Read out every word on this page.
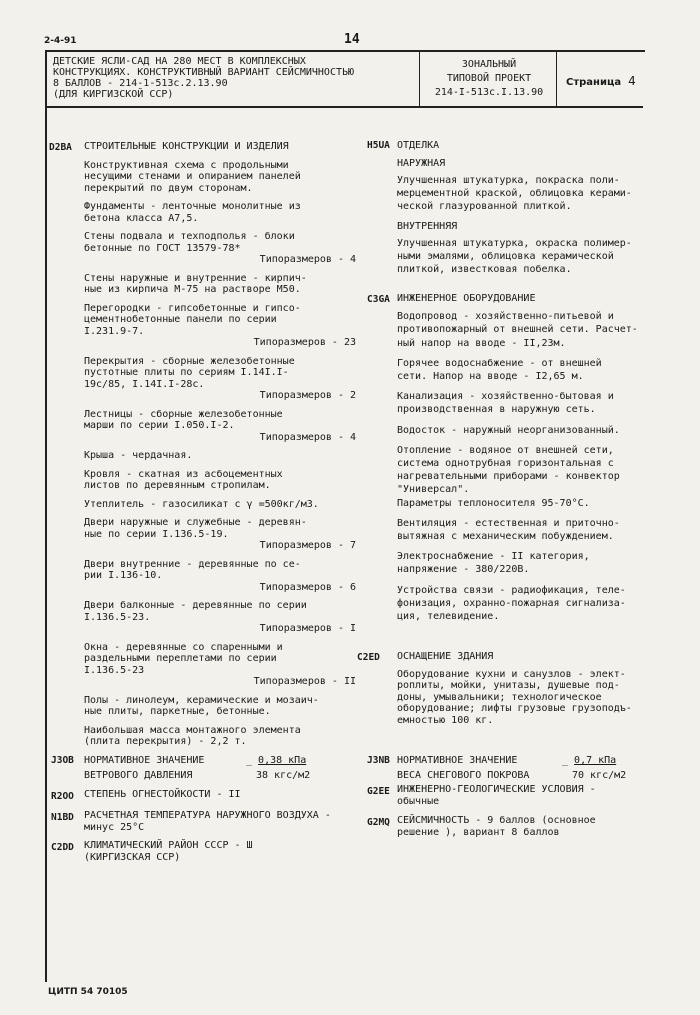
2-4-91	14
ДЕТСКИЕ ЯСЛИ-САД НА 280 МЕСТ В КОМПЛЕКСНЫХ
КОНСТРУКЦИЯХ. КОНСТРУКТИВНЫЙ ВАРИАНТ СЕЙСМИЧНОСТЬЮ
8 БАЛЛОВ - 214-1-513с.2.13.90
(ДЛЯ КИРГИЗСКОЙ ССР)
ЗОНАЛЬНЫЙ
ТИПОВОЙ ПРОЕКТ
214-I-513с.I.13.90
Страница 4
D2BA СТРОИТЕЛЬНЫЕ КОНСТРУКЦИИ И ИЗДЕЛИЯ
Конструктивная схема с продольными
несущими стенами и опиранием панелей
перекрытий по двум сторонам.
Фундаменты - ленточные монолитные из
бетона класса А7,5.
Стены подвала и техподполья - блоки
бетонные по ГОСТ 13579-78*
Типоразмеров - 4
Стены наружные и внутренние - кирпич-
ные из кирпича М-75 на растворе М50.
Перегородки - гипсобетонные и гипсо-
цементнобетонные панели по серии
I.231.9-7.
Типоразмеров - 23
Перекрытия - сборные железобетонные
пустотные плиты по сериям I.14I.I-
19с/85, I.14I.I-28с.
Типоразмеров - 2
Лестницы - сборные железобетонные
марши по серии I.050.I-2.
Типоразмеров - 4
Крыша - чердачная.
Кровля - скатная из асбоцементных
листов по деревянным стропилам.
Утеплитель - газосиликат с γ =500кг/м3.
Двери наружные и служебные - деревян-
ные по серии I.136.5-19.
Типоразмеров - 7
Двери внутренние - деревянные по се-
рии I.136-10.
Типоразмеров - 6
Двери балконные - деревянные по серии
I.136.5-23.
Типоразмеров - I
Окна - деревянные со спаренными и
раздельными переплетами по серии
I.136.5-23
Типоразмеров - II
Полы - линолеум, керамические и мозаич-
ные плиты, паркетные, бетонные.
Наибольшая масса монтажного элемента
(плита перекрытия) - 2,2 т.
H5UA ОТДЕЛКА
НАРУЖНАЯ
Улучшенная штукатурка, покраска поли-
мерцементной краской, облицовка керами-
ческой глазурованной плиткой.
ВНУТРЕННЯЯ
Улучшенная штукатурка, окраска полимер-
ными эмалями, облицовка керамической
плиткой, известковая побелка.
C3GA ИНЖЕНЕРНОЕ ОБОРУДОВАНИЕ
Водопровод - хозяйственно-питьевой и
противопожарный от внешней сети. Расчет-
ный напор на вводе - II,23м.
Горячее водоснабжение - от внешней
сети. Напор на вводе - I2,65 м.
Канализация - хозяйственно-бытовая и
производственная в наружную сеть.
Водосток - наружный неорганизованный.
Отопление - водяное от внешней сети,
система однотрубная горизонтальная с
нагревательными приборами - конвектор
"Универсал".
Параметры теплоносителя 95-70°С.
Вентиляция - естественная и приточно-
вытяжная с механическим побуждением.
Электроснабжение - II категория,
напряжение - 380/220В.
Устройства связи - радиофикация, теле-
фонизация, охранно-пожарная сигнализа-
ция, телевидение.
C2ED ОСНАЩЕНИЕ ЗДАНИЯ
Оборудование кухни и санузлов - элект-
роплиты, мойки, унитазы, душевые под-
доны, умывальники; технологическое
оборудование; лифты грузовые грузоподъ-
емностью 100 кг.
J3OB НОРМАТИВНОЕ ЗНАЧЕНИЕ	_ 0,38 кПа
ВЕТРОВОГО ДАВЛЕНИЯ	38 кгс/м2
J3NB НОРМАТИВНОЕ ЗНАЧЕНИЕ	_ 0,7 кПа
ВЕСА СНЕГОВОГО ПОКРОВА	70 кгс/м2
R2OO СТЕПЕНЬ ОГНЕСТОЙКОСТИ - II	G2EE ИНЖЕНЕРНО-ГЕОЛОГИЧЕСКИЕ УСЛОВИЯ -
обычные
N1BD РАСЧЕТНАЯ ТЕМПЕРАТУРА НАРУЖНОГО ВОЗДУХА -
минус 25°С	G2MQ СЕЙСМИЧНОСТЬ - 9 баллов (основное
решение ), вариант 8 баллов
C2DD КЛИМАТИЧЕСКИЙ РАЙОН СССР - Ш
(КИРГИЗСКАЯ ССР)
ЦИТП 54 70105
